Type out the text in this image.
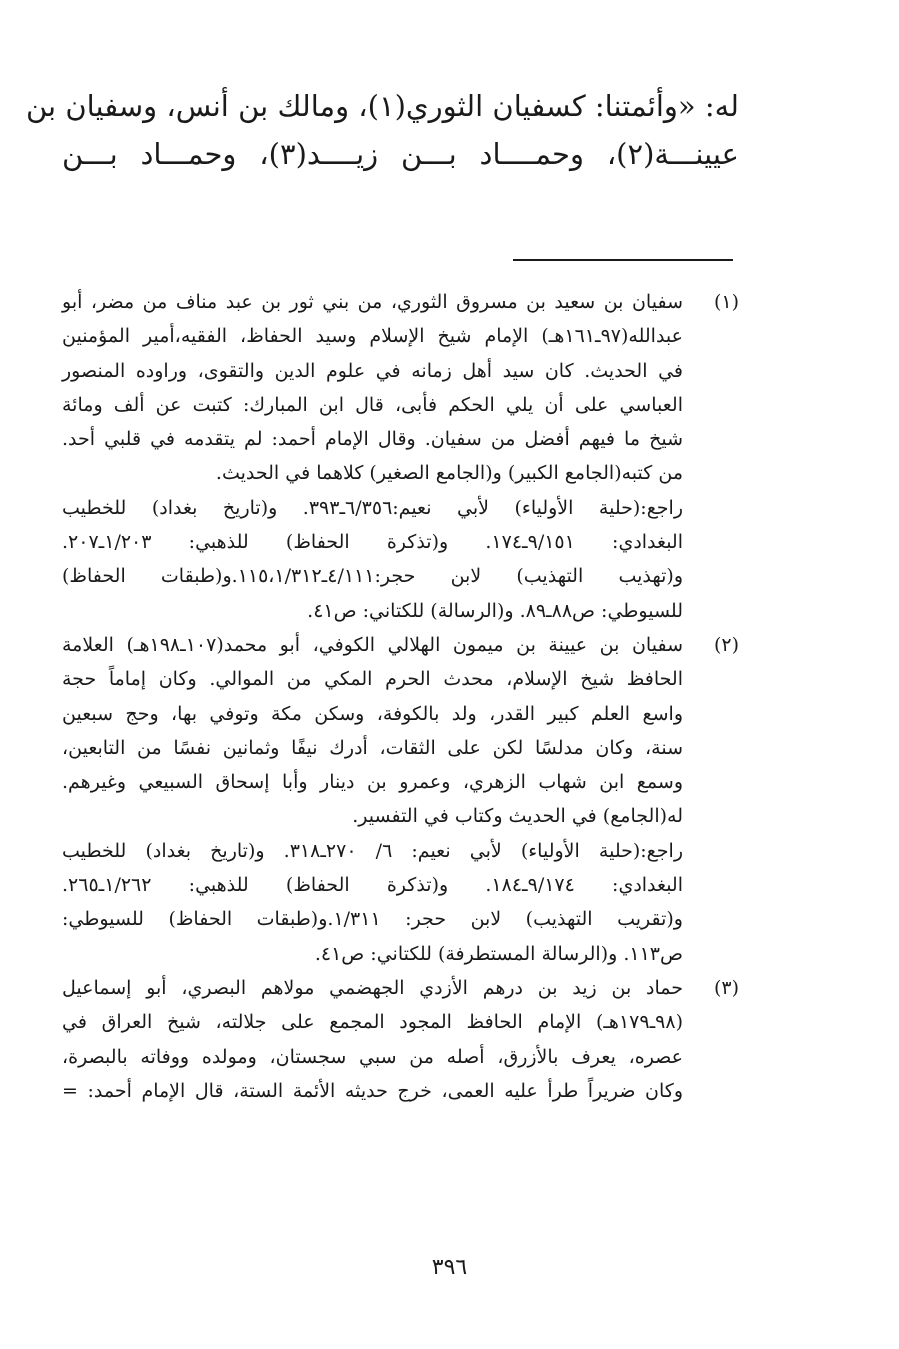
له: «وأئمتنا: كسفيان الثوري(١)، ومالك بن أنس، وسفيان بن
عيينـــة(٢)، وحمــــاد بـــن زيــــد(٣)، وحمـــاد بـــن
(١)
سفيان بن سعيد بن مسروق الثوري، من بني ثور بن عبد مناف من مضر، أبو
عبدالله(٩٧ـ١٦١هـ) الإمام شيخ الإسلام وسيد الحفاظ، الفقيه،أمير المؤمنين
في الحديث. كان سيد أهل زمانه في علوم الدين والتقوى، وراوده المنصور
العباسي على أن يلي الحكم فأبى، قال ابن المبارك: كتبت عن ألف ومائة
شيخ ما فيهم أفضل من سفيان. وقال الإمام أحمد: لم يتقدمه في قلبي أحد.
من كتبه(الجامع الكبير) و(الجامع الصغير) كلاهما في الحديث.
راجع:(حلية الأولياء) لأبي نعيم:٦/٣٥٦ـ٣٩٣. و(تاريخ بغداد) للخطيب
البغدادي: ٩/١٥١ـ١٧٤. و(تذكرة الحفاظ) للذهبي: ١/٢٠٣ـ٢٠٧.
و(تهذيب التهذيب) لابن حجر:٤/١١١ـ١١٥،١/٣١٢.و(طبقات الحفاظ)
للسيوطي: ص٨٨ـ٨٩. و(الرسالة) للكتاني: ص٤١.
(٢)
سفيان بن عيينة بن ميمون الهلالي الكوفي، أبو محمد(١٠٧ـ١٩٨هـ) العلامة
الحافظ شيخ الإسلام، محدث الحرم المكي من الموالي. وكان إماماً حجة
واسع العلم كبير القدر، ولد بالكوفة، وسكن مكة وتوفي بها، وحج سبعين
سنة، وكان مدلسًا لكن على الثقات، أدرك نيفًا وثمانين نفسًا من التابعين،
وسمع ابن شهاب الزهري، وعمرو بن دينار وأبا إسحاق السبيعي وغيرهم.
له(الجامع) في الحديث وكتاب في التفسير.
راجع:(حلية الأولياء) لأبي نعيم: ٦/ ٢٧٠ـ٣١٨. و(تاريخ بغداد) للخطيب
البغدادي: ٩/١٧٤ـ١٨٤. و(تذكرة الحفاظ) للذهبي: ١/٢٦٢ـ٢٦٥.
و(تقريب التهذيب) لابن حجر: ١/٣١١.و(طبقات الحفاظ) للسيوطي:
ص١١٣. و(الرسالة المستطرفة) للكتاني: ص٤١.
(٣)
حماد بن زيد بن درهم الأزدي الجهضمي مولاهم البصري، أبو إسماعيل
(٩٨ـ١٧٩هـ) الإمام الحافظ المجود المجمع على جلالته، شيخ العراق في
عصره، يعرف بالأزرق، أصله من سبي سجستان، ومولده ووفاته بالبصرة،
وكان ضريراً طرأ عليه العمى، خرج حديثه الأئمة الستة، قال الإمام أحمد: =
٣٩٦
